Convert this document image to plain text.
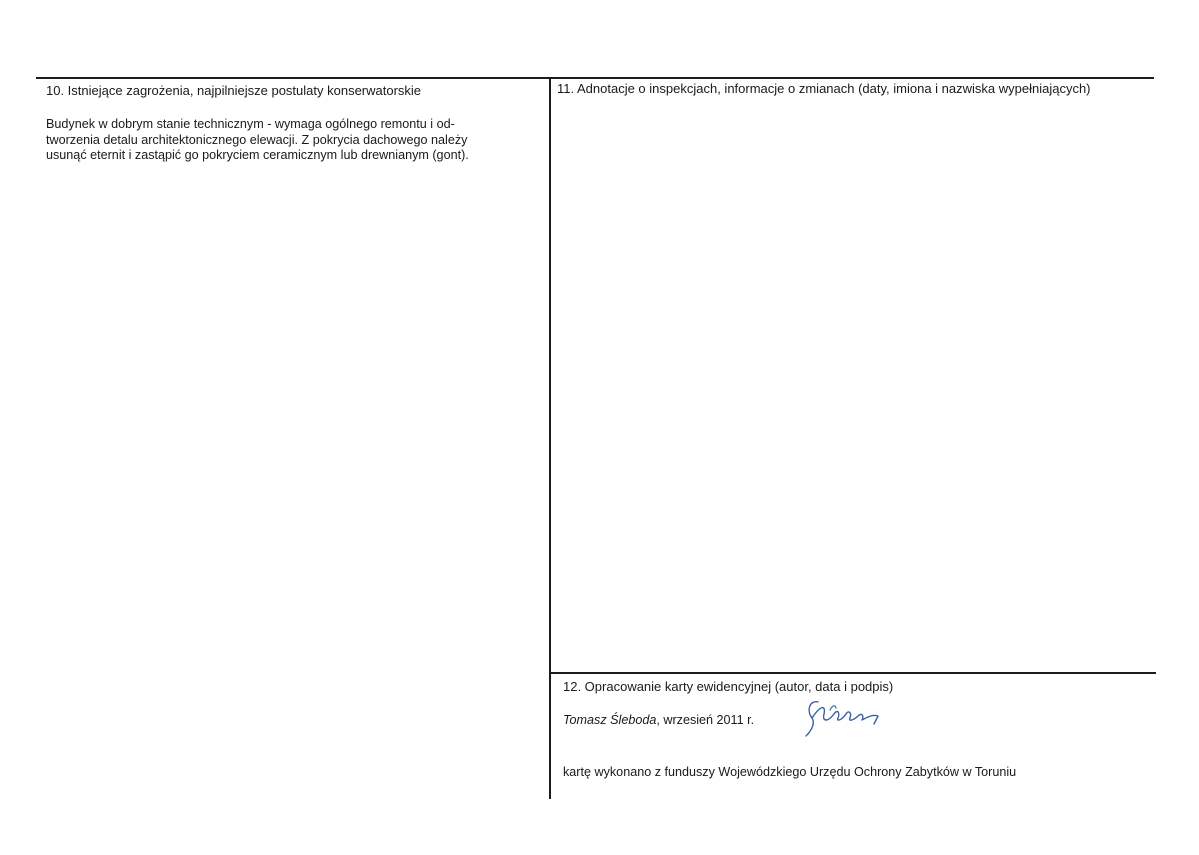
10. Istniejące zagrożenia, najpilniejsze postulaty konserwatorskie
Budynek w dobrym stanie technicznym - wymaga ogólnego remontu i od-
tworzenia detalu architektonicznego elewacji. Z pokrycia dachowego należy
usunąć eternit i zastąpić go pokryciem ceramicznym lub drewnianym (gont).
11. Adnotacje o inspekcjach, informacje o zmianach (daty, imiona i nazwiska wypełniających)
12. Opracowanie karty ewidencyjnej (autor, data i podpis)
Tomasz Śleboda, wrzesień 2011 r.
kartę wykonano z funduszy Wojewódzkiego Urzędu Ochrony Zabytków w Toruniu
